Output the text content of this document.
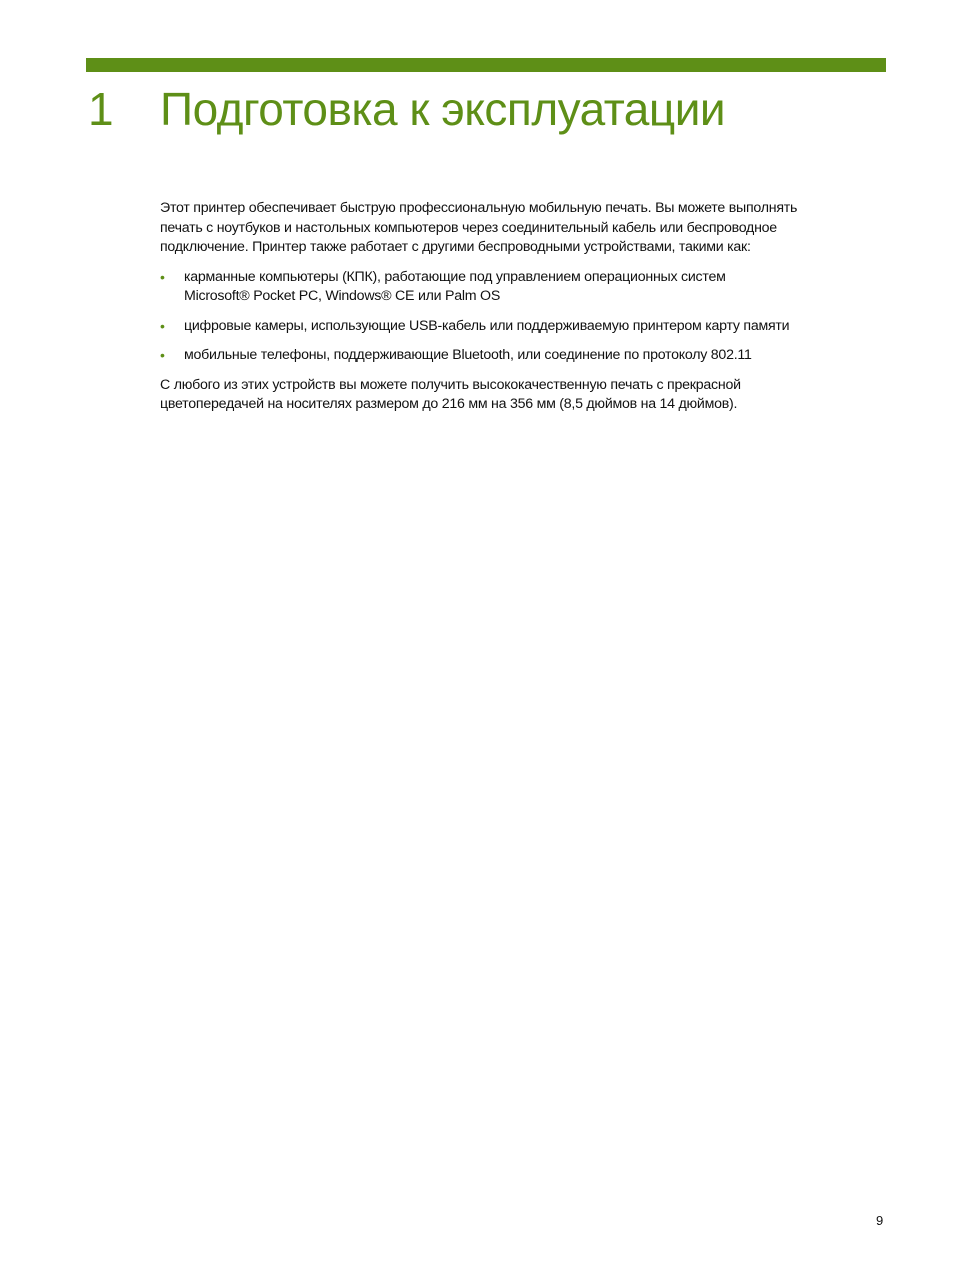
1 Подготовка к эксплуатации

Этот принтер обеспечивает быструю профессиональную мобильную печать. Вы можете выполнять
печать с ноутбуков и настольных компьютеров через соединительный кабель или беспроводное
подключение. Принтер также работает с другими беспроводными устройствами, такими как:

• карманные компьютеры (КПК), работающие под управлением операционных систем
Microsoft® Pocket PC, Windows® CE или Palm OS
• цифровые камеры, использующие USB-кабель или поддерживаемую принтером карту памяти
• мобильные телефоны, поддерживающие Bluetooth, или соединение по протоколу 802.11

С любого из этих устройств вы можете получить высококачественную печать с прекрасной
цветопередачей на носителях размером до 216 мм на 356 мм (8,5 дюймов на 14 дюймов).

9
